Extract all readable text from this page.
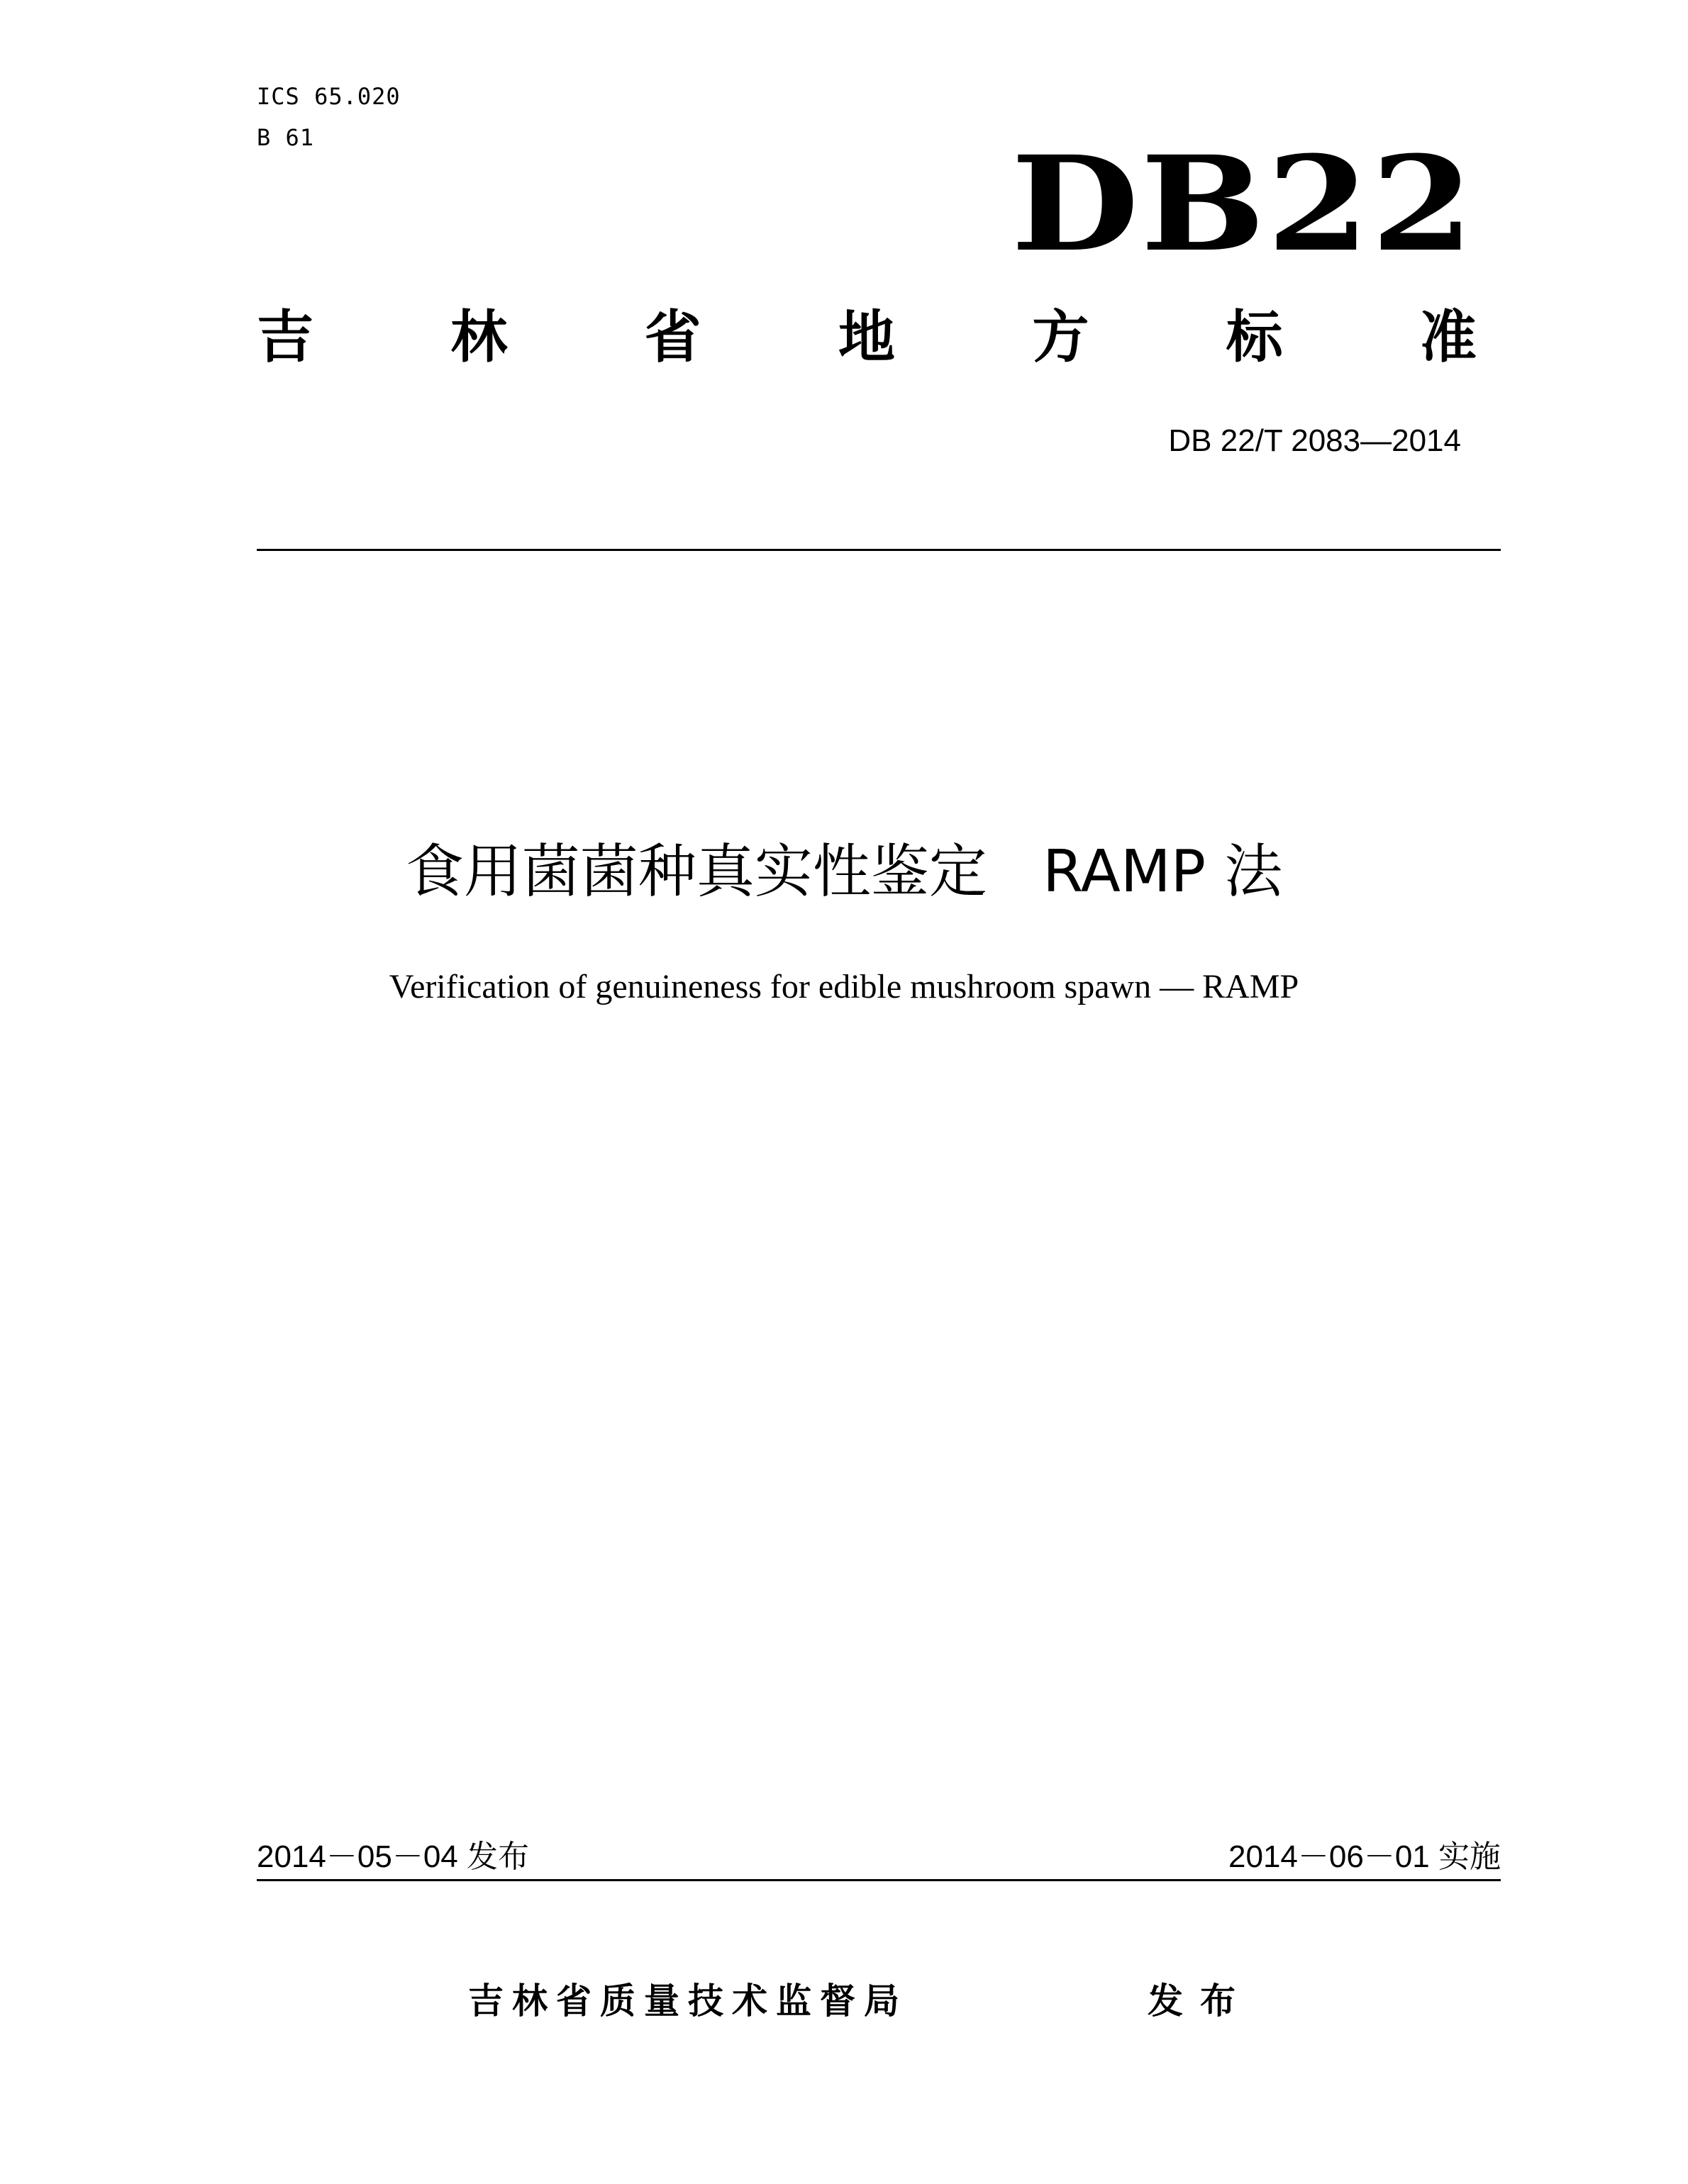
ICS 65.020
B 61	DB22
吉 林 省 地 方 标 准
DB 22/T 2083—2014
食用菌菌种真实性鉴定   RAMP 法
Verification of genuineness for edible mushroom spawn — RAMP
2014－05－04 发布	2014－06－01 实施
吉林省质量技术监督局	发布
